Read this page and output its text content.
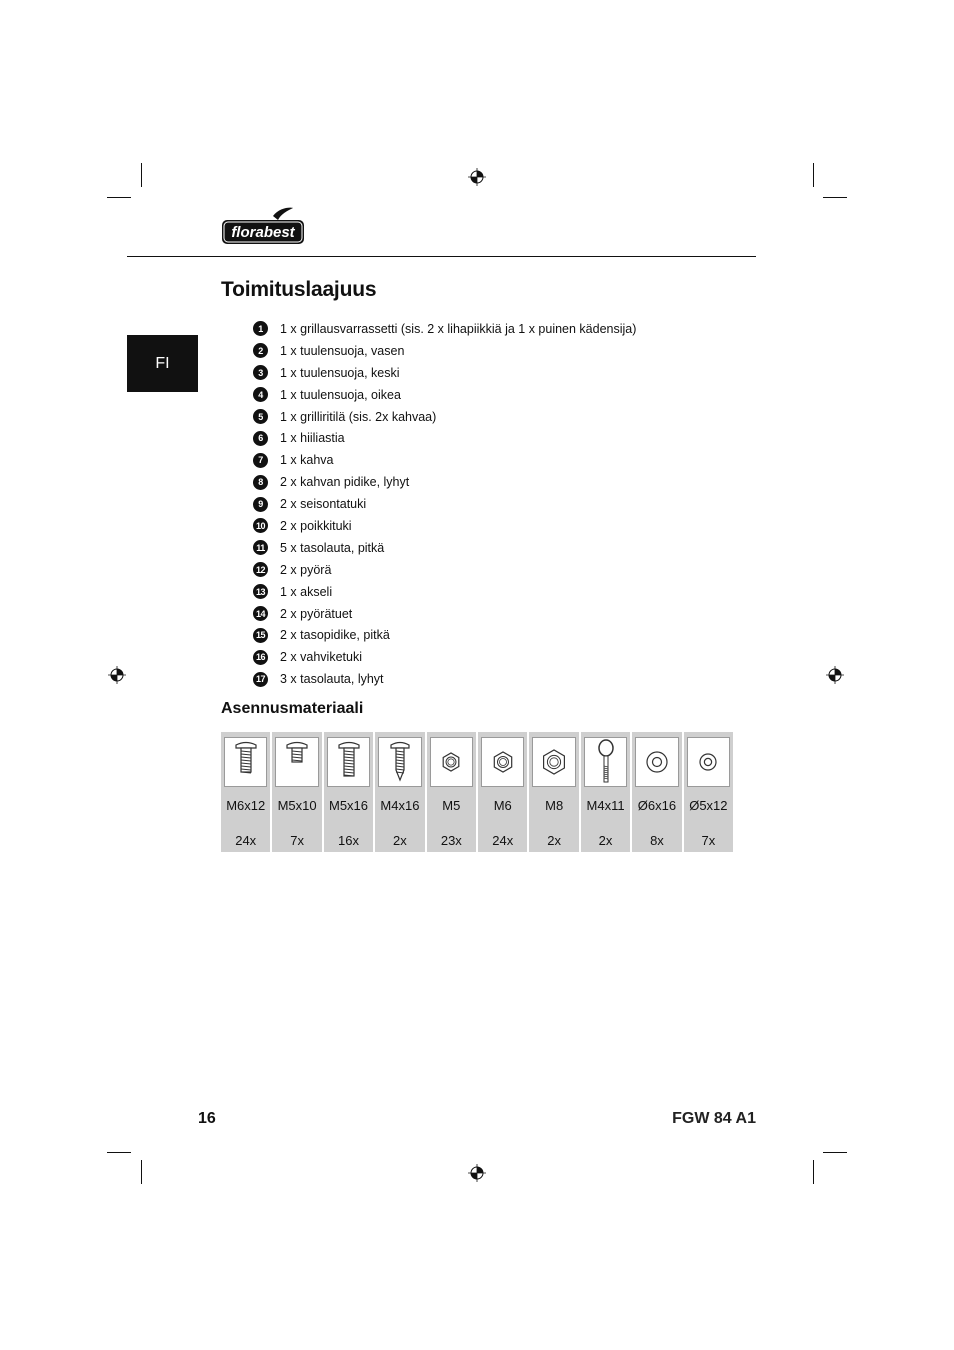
florabest
FI
Toimituslaajuus
1	1 x grillausvarrassetti (sis. 2 x lihapiikkiä ja 1 x puinen kädensija)
2	1 x tuulensuoja, vasen
3	1 x tuulensuoja, keski
4	1 x tuulensuoja, oikea
5	1 x grilliritilä (sis. 2x kahvaa)
6	1 x hiiliastia
7	1 x kahva
8	2 x kahvan pidike, lyhyt
9	2 x seisontatuki
10 2 x poikkituki
11 5 x tasolauta, pitkä
12 2 x pyörä
13 1 x akseli
14 2 x pyörätuet
15 2 x tasopidike, pitkä
16 2 x vahviketuki
17 3 x tasolauta, lyhyt
Asennusmateriaali
M6x12
24x
M5x10
7x
M5x16
16x
M4x16
2x
M5
23x
M6
24x
M8
2x
M4x11
2x
Ø6x16
8x
Ø5x12
7x
16	FGW 84 A1
